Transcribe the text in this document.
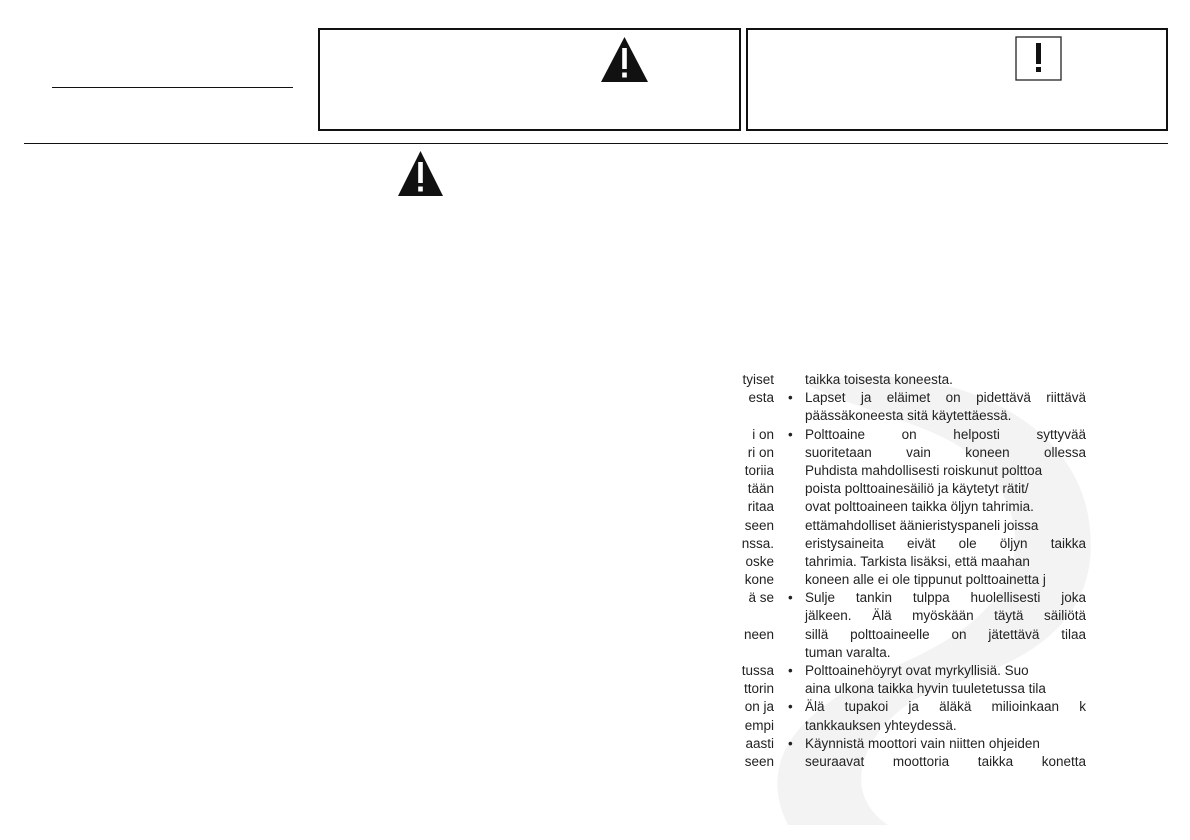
tyiset
esta
i on
ri on
toriia
tään
ritaa
seen
nssa.
oske
kone
ä se
neen
tussa
ttorin
on ja
empi
aasti
seen
taikka toisesta koneesta.
• Lapset ja eläimet on pidettävä riittävä
päässäkoneesta sitä käytettäessä.
• Polttoaine on helposti syttyvää
suoritetaan vain koneen ollessa
Puhdista mahdollisesti roiskunut polttoa
poista polttoainesäiliö ja käytetyt rätit/
ovat polttoaineen taikka öljyn tahrimia.
ettämahdolliset äänieristyspaneli joissa
eristysaineita eivät ole öljyn taikka
tahrimia. Tarkista lisäksi, että maahan
koneen alle ei ole tippunut polttoainetta j
• Sulje tankin tulppa huolellisesti joka
jälkeen. Älä myöskään täytä säiliötä
sillä polttoaineelle on jätettävä tilaa
tuman varalta.
• Polttoainehöyryt ovat myrkyllisiä. Suo
aina ulkona taikka hyvin tuuletetussa tila
• Älä tupakoi ja äläkä milioinkaan k
tankkauksen yhteydessä.
• Käynnistä moottori vain niitten ohjeiden
seuraavat moottoria taikka konetta
